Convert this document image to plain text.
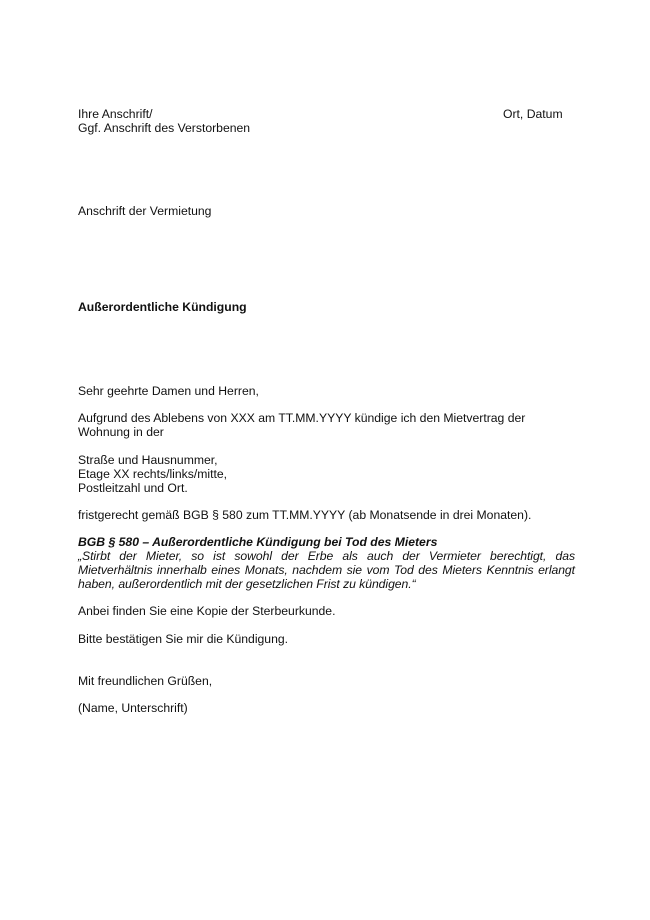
Ihre Anschrift/
Ggf. Anschrift des Verstorbenen
Ort, Datum
Anschrift der Vermietung
Außerordentliche Kündigung
Sehr geehrte Damen und Herren,
Aufgrund des Ablebens von XXX am TT.MM.YYYY kündige ich den Mietvertrag der
Wohnung in der
Straße und Hausnummer,
Etage XX rechts/links/mitte,
Postleitzahl und Ort.
fristgerecht gemäß BGB § 580 zum TT.MM.YYYY (ab Monatsende in drei Monaten).
BGB § 580 – Außerordentliche Kündigung bei Tod des Mieters
„Stirbt der Mieter, so ist sowohl der Erbe als auch der Vermieter berechtigt, das Mietverhältnis innerhalb eines Monats, nachdem sie vom Tod des Mieters Kenntnis erlangt haben, außerordentlich mit der gesetzlichen Frist zu kündigen.“
Anbei finden Sie eine Kopie der Sterbeurkunde.
Bitte bestätigen Sie mir die Kündigung.
Mit freundlichen Grüßen,
(Name, Unterschrift)
